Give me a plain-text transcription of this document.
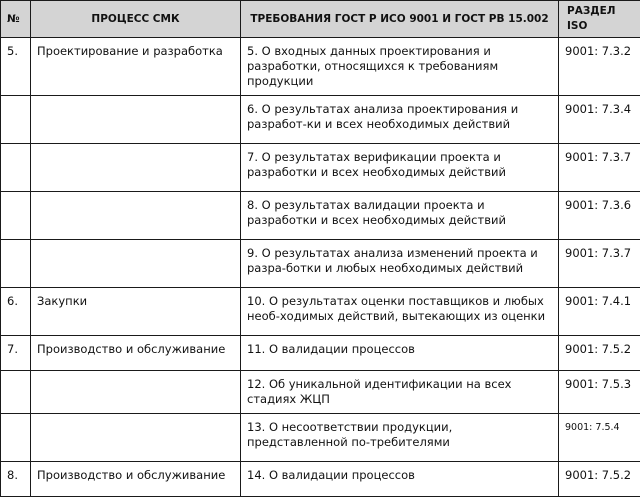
№	ПРОЦЕСС СМК	ТРЕБОВАНИЯ ГОСТ Р ИСО 9001 И ГОСТ РВ 15.002	РАЗДЕЛ ISO
5.	Проектирование и разработка	5. О входных данных проектирования и разработки, относящихся к требованиям продукции	9001: 7.3.2
		6. О результатах анализа проектирования и разработ-ки и всех необходимых действий	9001: 7.3.4
		7. О результатах верификации проекта и разработки и всех необходимых действий	9001: 7.3.7
		8. О результатах валидации проекта и разработки и всех необходимых действий	9001: 7.3.6
		9. О результатах анализа изменений проекта и разра-ботки и любых необходимых действий	9001: 7.3.7
6.	Закупки	10. О результатах оценки поставщиков и любых необ-ходимых действий, вытекающих из оценки	9001: 7.4.1
7.	Производство и обслуживание	11. О валидации процессов	9001: 7.5.2
		12. Об уникальной идентификации на всех стадиях ЖЦП	9001: 7.5.3
		13. О несоответствии продукции, представленной по-требителями	9001: 7.5.4
8.	Производство и обслуживание	14. О валидации процессов	9001: 7.5.2
